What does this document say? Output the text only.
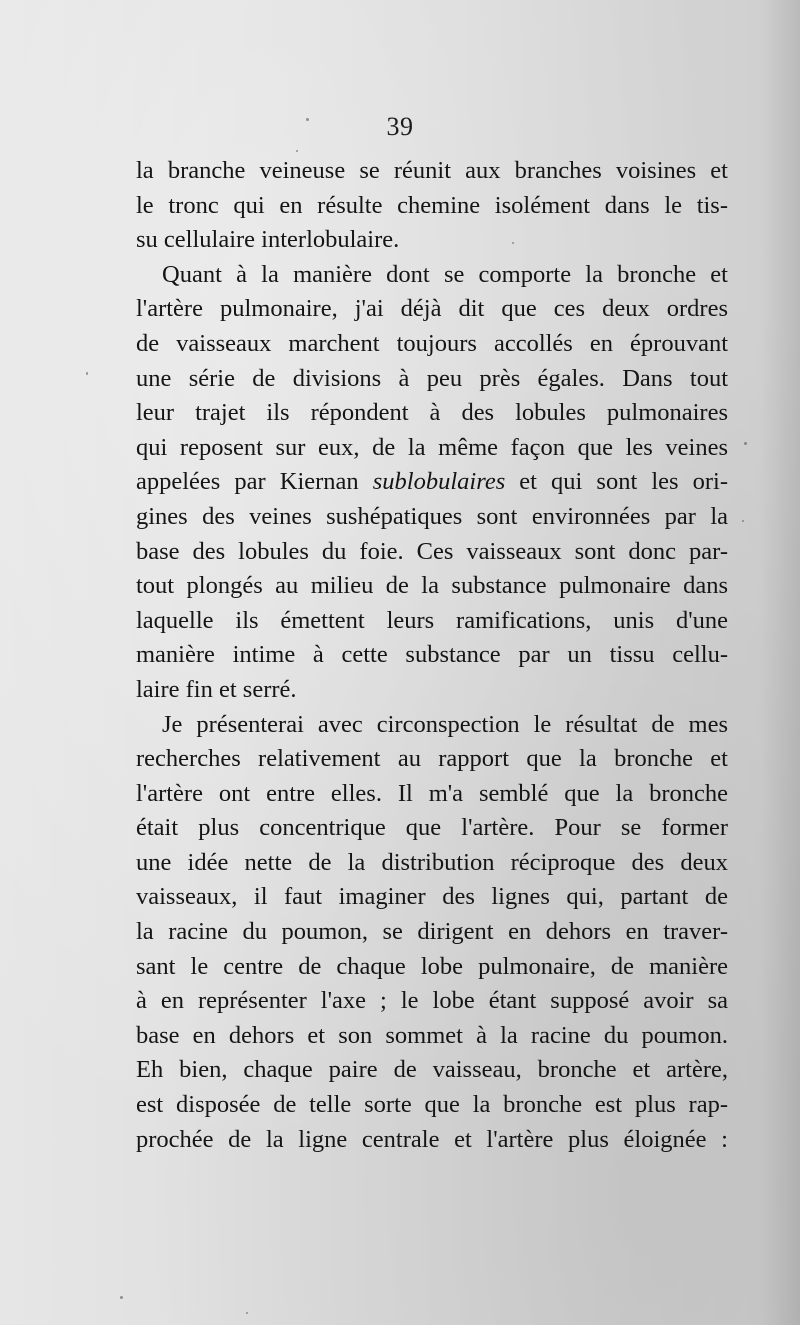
39
la branche veineuse se réunit aux branches voisines et
le tronc qui en résulte chemine isolément dans le tis-
su cellulaire interlobulaire.
Quant à la manière dont se comporte la bronche et
l'artère pulmonaire, j'ai déjà dit que ces deux ordres
de vaisseaux marchent toujours accollés en éprouvant
une série de divisions à peu près égales. Dans tout
leur trajet ils répondent à des lobules pulmonaires
qui reposent sur eux, de la même façon que les veines
appelées par Kiernan sublobulaires et qui sont les ori-
gines des veines sushépatiques sont environnées par la
base des lobules du foie. Ces vaisseaux sont donc par-
tout plongés au milieu de la substance pulmonaire dans
laquelle ils émettent leurs ramifications, unis d'une
manière intime à cette substance par un tissu cellu-
laire fin et serré.
Je présenterai avec circonspection le résultat de mes
recherches relativement au rapport que la bronche et
l'artère ont entre elles. Il m'a semblé que la bronche
était plus concentrique que l'artère. Pour se former
une idée nette de la distribution réciproque des deux
vaisseaux, il faut imaginer des lignes qui, partant de
la racine du poumon, se dirigent en dehors en traver-
sant le centre de chaque lobe pulmonaire, de manière
à en représenter l'axe ; le lobe étant supposé avoir sa
base en dehors et son sommet à la racine du poumon.
Eh bien, chaque paire de vaisseau, bronche et artère,
est disposée de telle sorte que la bronche est plus rap-
prochée de la ligne centrale et l'artère plus éloignée :
